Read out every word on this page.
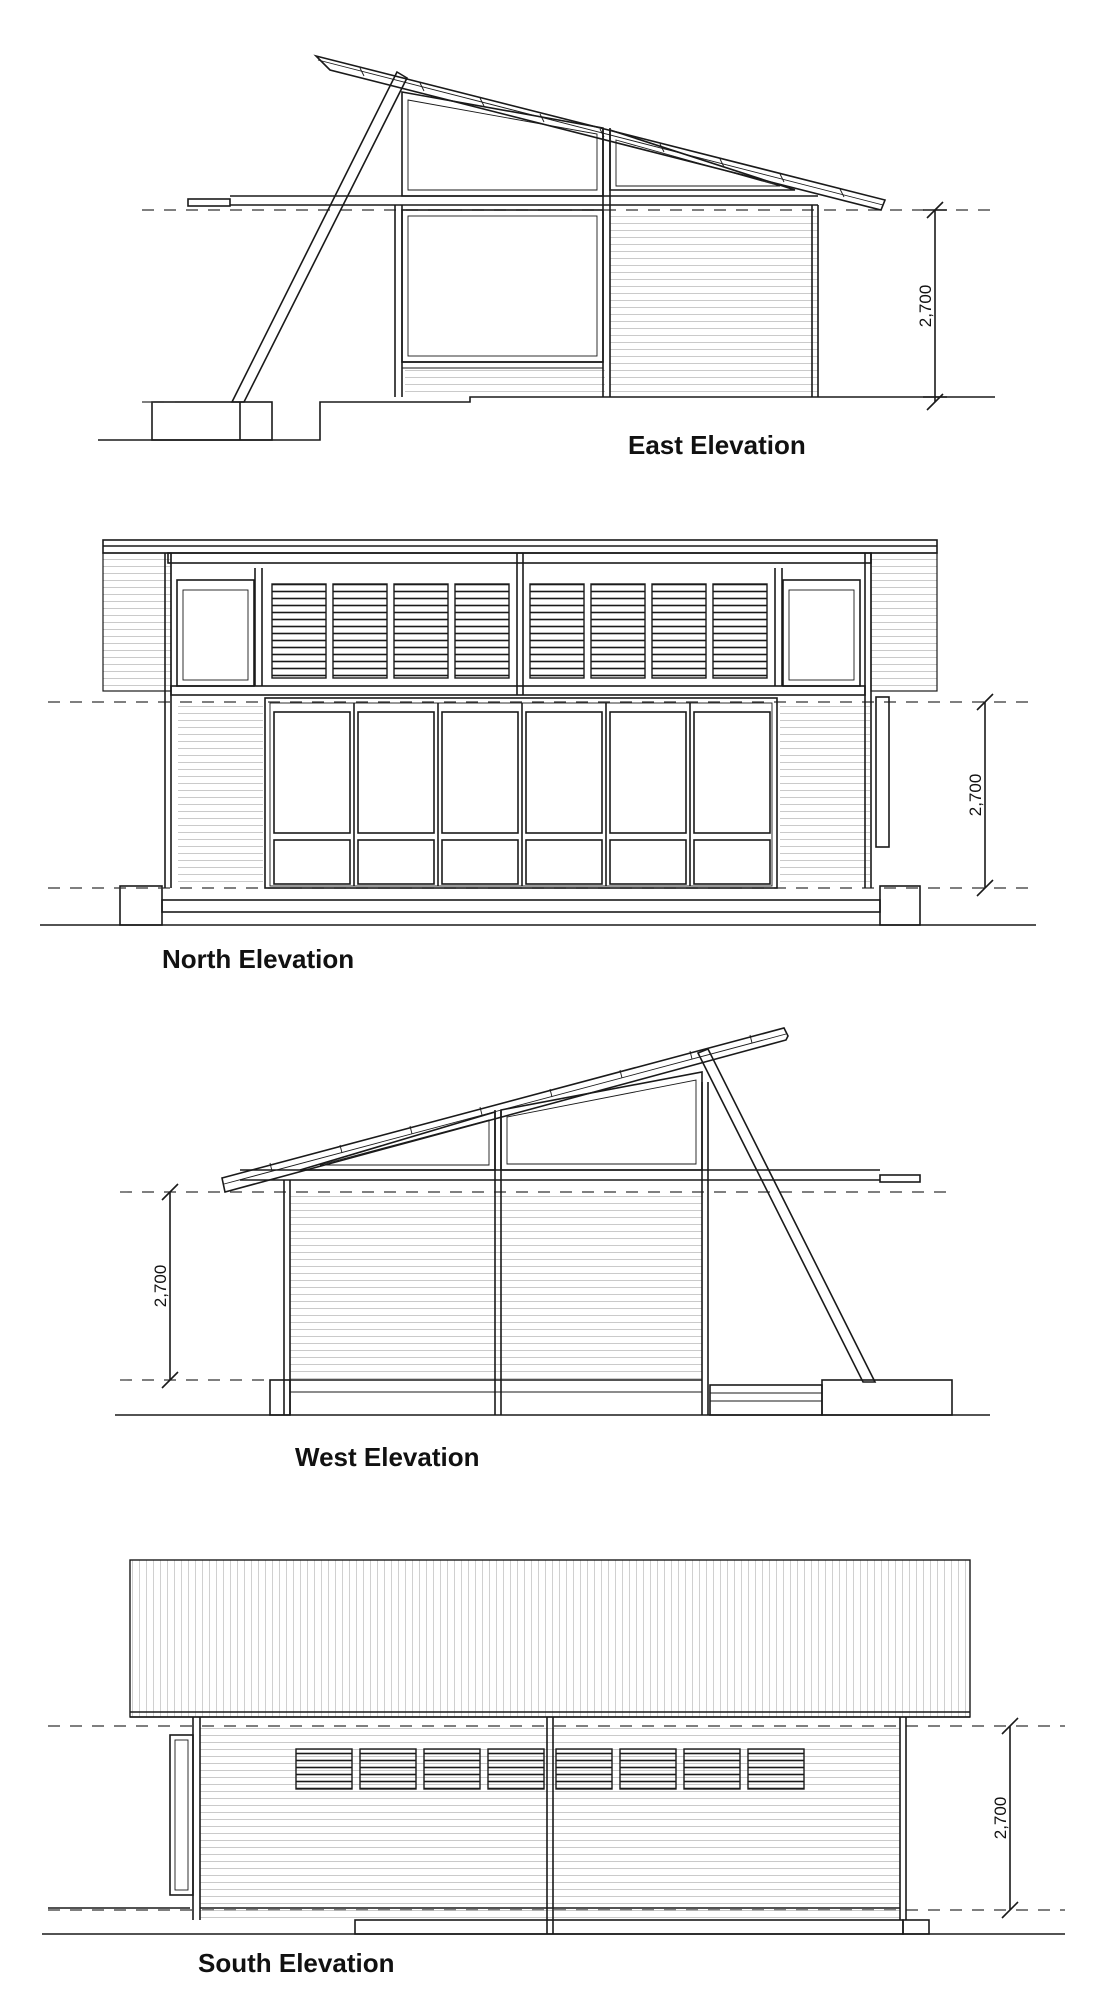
2,700
East Elevation
2,700
North Elevation
2,700
West Elevation
2,700
South Elevation
